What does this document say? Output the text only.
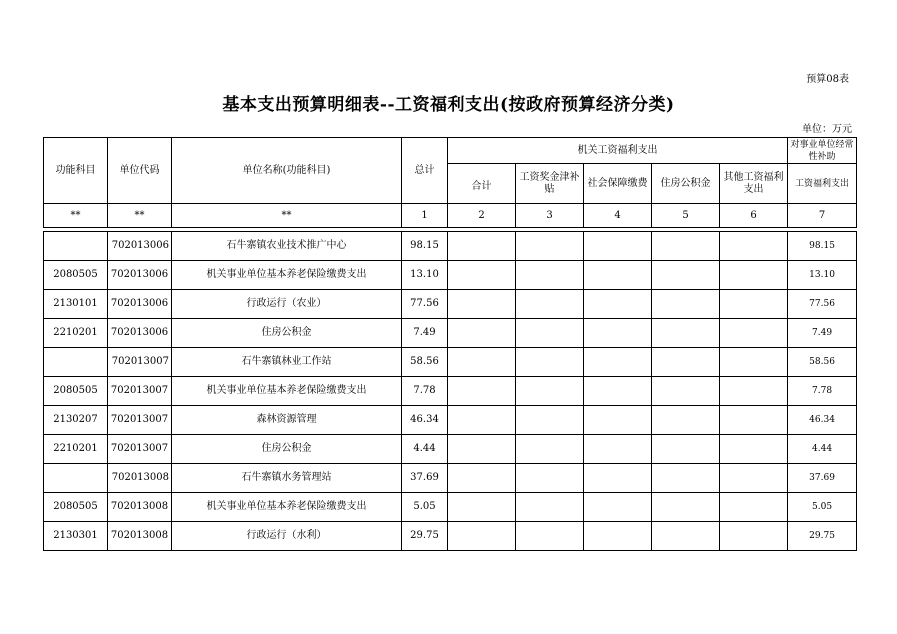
预算08表
基本支出预算明细表--工资福利支出(按政府预算经济分类)
单位：万元
功能科目	单位代码	单位名称(功能科目)	总计	机关工资福利支出					对事业单位经常性补助
				合计	工资奖金津补贴	社会保障缴费	住房公积金	其他工资福利支出	工资福利支出
**	**	**	1	2	3	4	5	6	7

	702013006	石牛寨镇农业技术推广中心	98.15						98.15
2080505	702013006	机关事业单位基本养老保险缴费支出	13.10						13.10
2130101	702013006	行政运行（农业）	77.56						77.56
2210201	702013006	住房公积金	7.49						7.49
	702013007	石牛寨镇林业工作站	58.56						58.56
2080505	702013007	机关事业单位基本养老保险缴费支出	7.78						7.78
2130207	702013007	森林资源管理	46.34						46.34
2210201	702013007	住房公积金	4.44						4.44
	702013008	石牛寨镇水务管理站	37.69						37.69
2080505	702013008	机关事业单位基本养老保险缴费支出	5.05						5.05
2130301	702013008	行政运行（水利）	29.75						29.75
